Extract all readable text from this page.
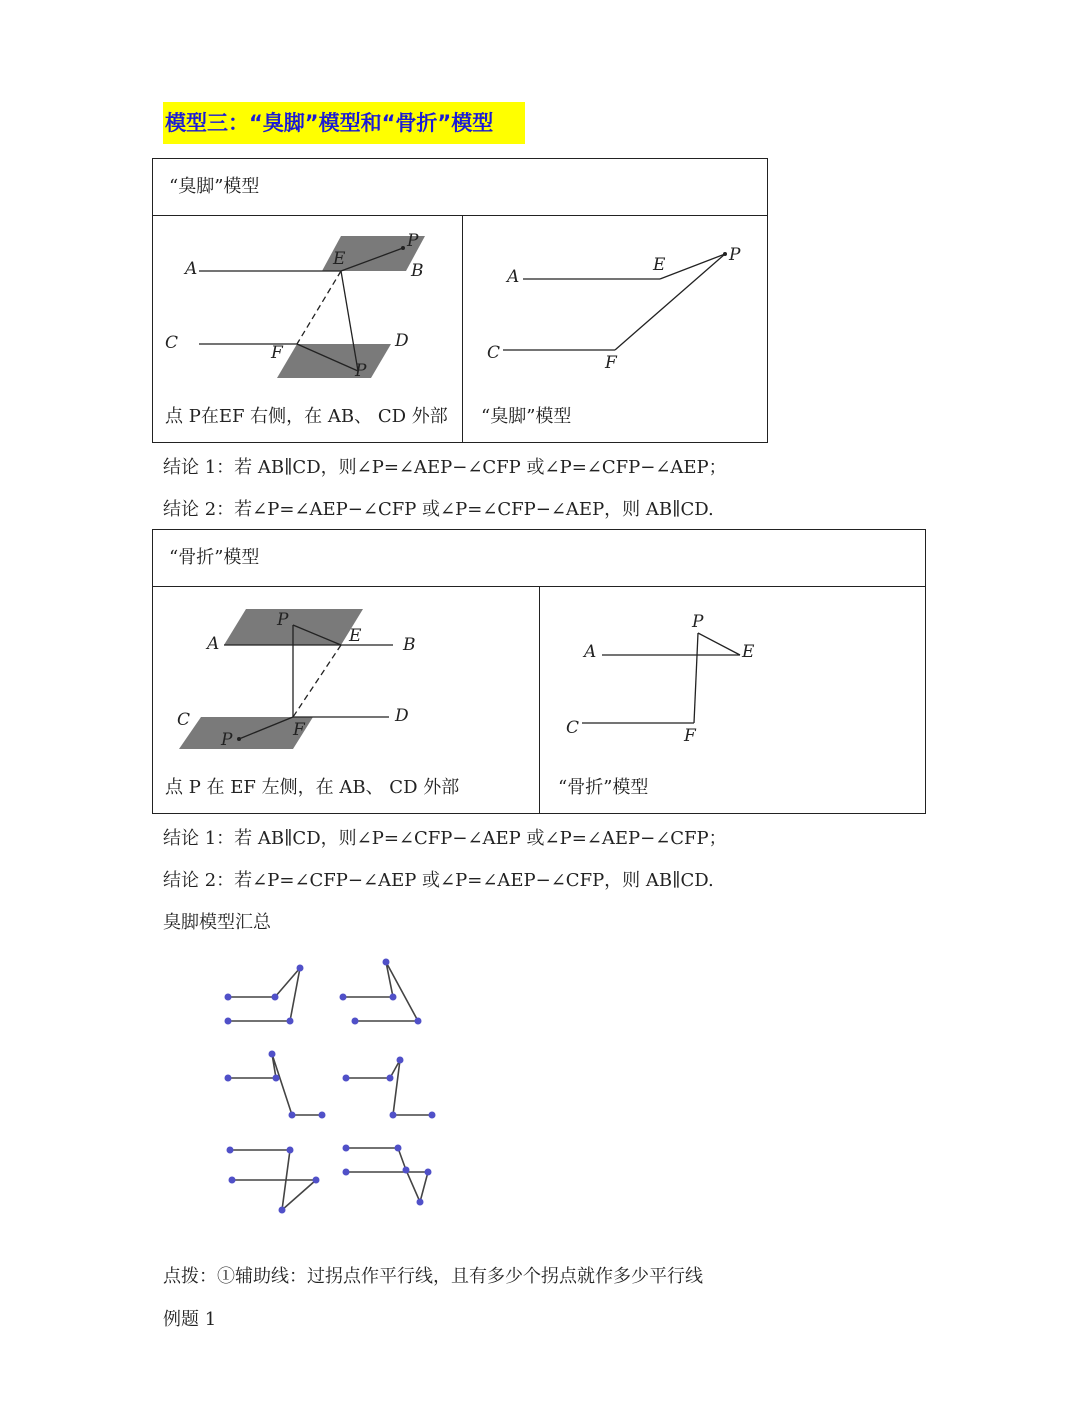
模型三：“臭脚”模型和“骨折”模型
“臭脚”模型

A	E
P
B
C	F
D
P
点 P在EF 右侧，在 AB、 CD 外部

A
E	P
C	F
“臭脚”模型
结论 1：若 AB∥CD，则∠P=∠AEP−∠CFP 或∠P=∠CFP−∠AEP；
结论 2：若∠P=∠AEP−∠CFP 或∠P=∠CFP−∠AEP，则 AB∥CD.
“骨折”模型

P
A	E B
C	D
F
P
点 P 在 EF 左侧，在 AB、 CD 外部

P
A	E
C	F
“骨折”模型
结论 1：若 AB∥CD，则∠P=∠CFP−∠AEP 或∠P=∠AEP−∠CFP；
结论 2：若∠P=∠CFP−∠AEP 或∠P=∠AEP−∠CFP，则 AB∥CD.
臭脚模型汇总
点拨：①辅助线：过拐点作平行线，且有多少个拐点就作多少平行线
例题 1
